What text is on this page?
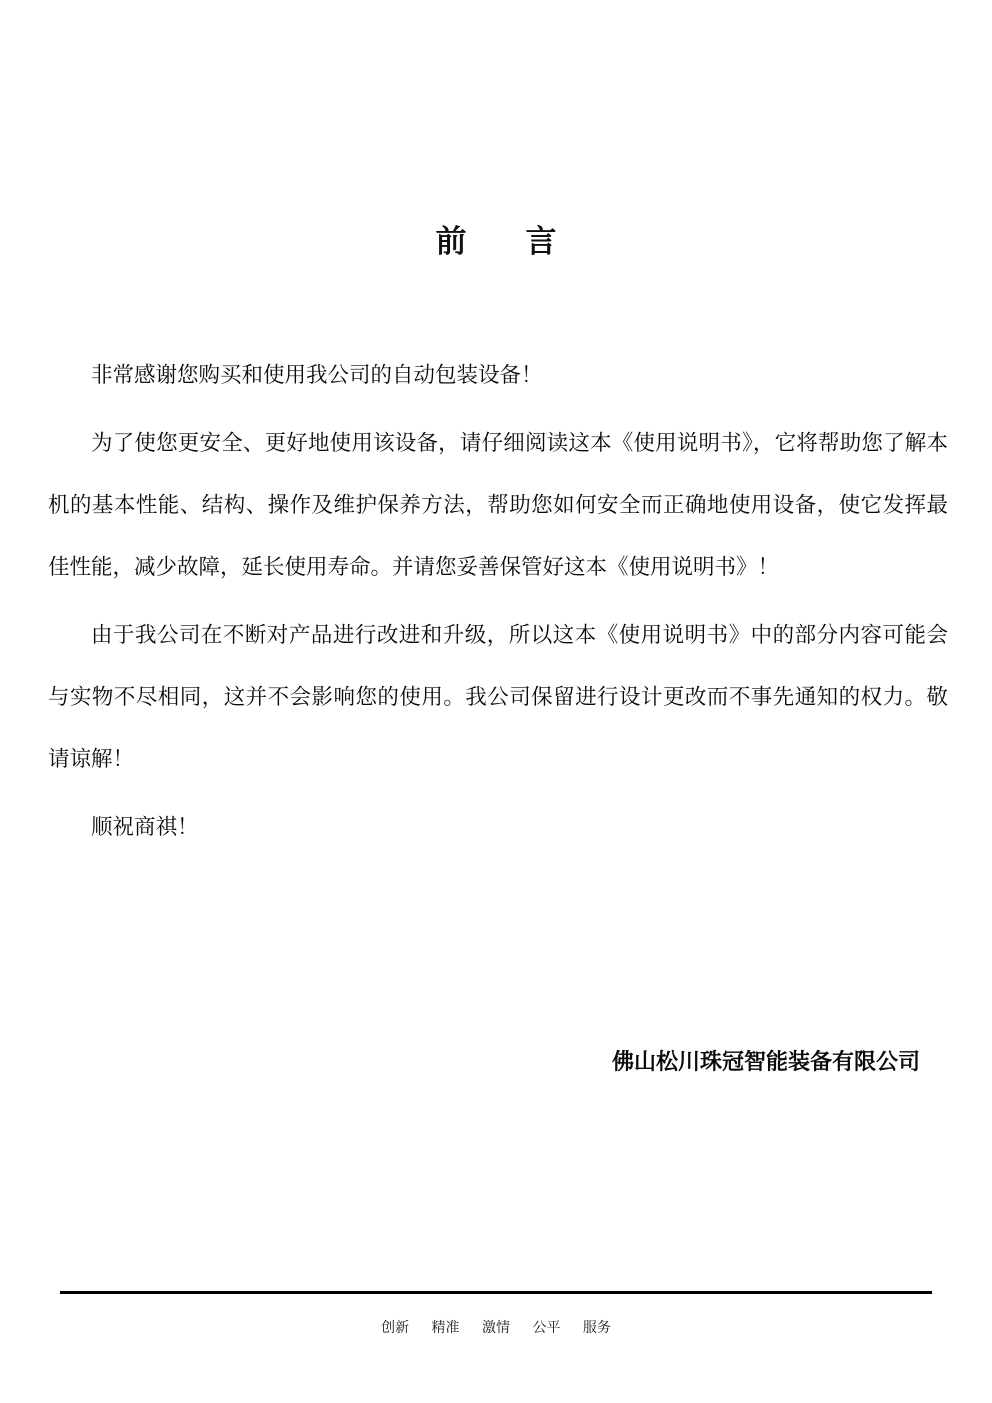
前　言

非常感谢您购买和使用我公司的自动包装设备！

为了使您更安全、更好地使用该设备，请仔细阅读这本《使用说明书》，它将帮助您了解本机的基本性能、结构、操作及维护保养方法，帮助您如何安全而正确地使用设备，使它发挥最佳性能，减少故障，延长使用寿命。并请您妥善保管好这本《使用说明书》！

由于我公司在不断对产品进行改进和升级，所以这本《使用说明书》中的部分内容可能会与实物不尽相同，这并不会影响您的使用。我公司保留进行设计更改而不事先通知的权力。敬请谅解！

顺祝商祺！

佛山松川珠冠智能装备有限公司
创新 精准 激情 公平 服务
